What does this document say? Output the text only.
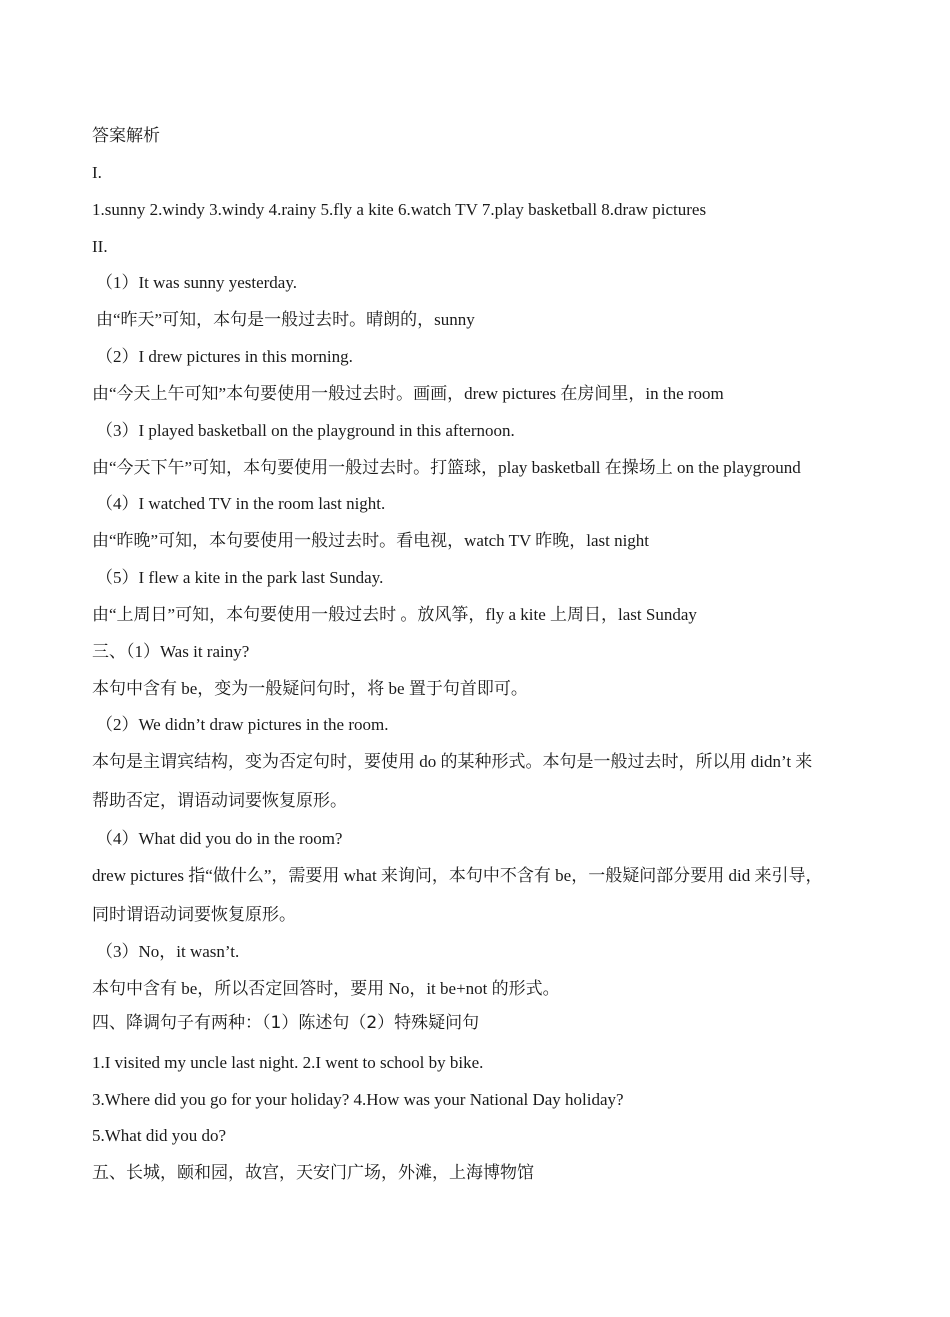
答案解析
I.
1.sunny 2.windy 3.windy 4.rainy 5.fly a kite 6.watch TV 7.play basketball 8.draw pictures
II.
（1）It was sunny yesterday.
由“昨天”可知，本句是一般过去时。晴朗的，sunny
（2）I drew pictures in this morning.
由“今天上午可知”本句要使用一般过去时。画画，drew pictures 在房间里，in the room
（3）I played basketball on the playground in this afternoon.
由“今天下午”可知，本句要使用一般过去时。打篮球，play basketball 在操场上 on the playground
（4）I watched TV in the room last night.
由“昨晚”可知，本句要使用一般过去时。看电视，watch TV 昨晚，last night
（5）I flew a kite in the park last Sunday.
由“上周日”可知，本句要使用一般过去时 。放风筝，fly a kite 上周日，last Sunday
三、（1）Was it rainy?
本句中含有 be，变为一般疑问句时，将 be 置于句首即可。
（2）We didn’t draw pictures in the room.
本句是主谓宾结构，变为否定句时，要使用 do 的某种形式。本句是一般过去时，所以用 didn’t 来
帮助否定，谓语动词要恢复原形。
（4）What did you do in the room?
drew pictures 指“做什么”，需要用 what 来询问，本句中不含有 be，一般疑问部分要用 did 来引导，
同时谓语动词要恢复原形。
（3）No，it wasn’t.
本句中含有 be，所以否定回答时，要用 No，it be+not 的形式。
四、降调句子有两种：（1）陈述句（2）特殊疑问句
1.I visited my uncle last night. 2.I went to school by bike.
3.Where did you go for your holiday? 4.How was your National Day holiday?
5.What did you do?
五、长城，颐和园，故宫，天安门广场，外滩，上海博物馆
